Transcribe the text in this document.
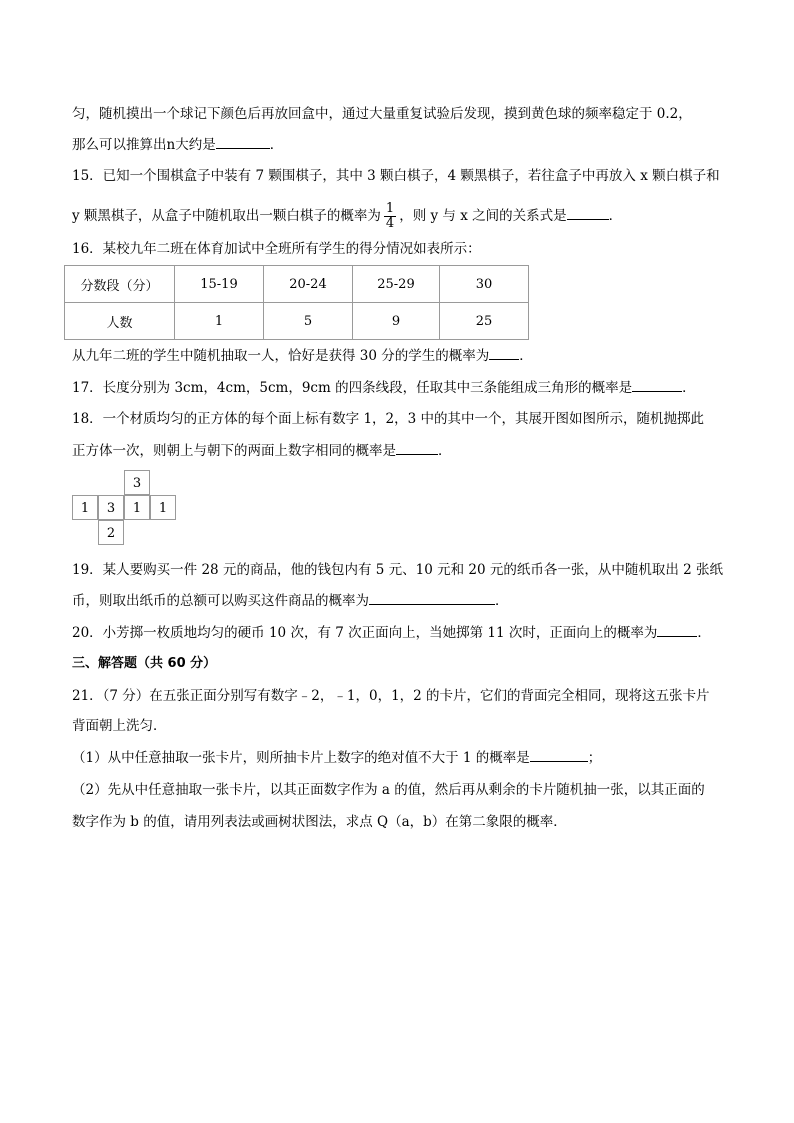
匀，随机摸出一个球记下颜色后再放回盒中，通过大量重复试验后发现，摸到黄色球的频率稳定于 0.2，
那么可以推算出n大约是	．
15．已知一个围棋盒子中装有 7 颗围棋子，其中 3 颗白棋子，4 颗黑棋子，若往盒子中再放入 x 颗白棋子和
y 颗黑棋子，从盒子中随机取出一颗白棋子的概率为 $\frac{1}{4}$ ，则 y 与 x 之间的关系式是	．
16．某校九年二班在体育加试中全班所有学生的得分情况如表所示：
分数段（分）	15-19	20-24	25-29	30
人数	1	5	9	25
从九年二班的学生中随机抽取一人，恰好是获得 30 分的学生的概率为 ．
17．长度分别为 3cm，4cm，5cm，9cm 的四条线段，任取其中三条能组成三角形的概率是	．
18．一个材质均匀的正方体的每个面上标有数字 1，2，3 中的其中一个，其展开图如图所示，随机抛掷此
正方体一次，则朝上与朝下的两面上数字相同的概率是	．
3
1	3	1	1
2
19．某人要购买一件 28 元的商品，他的钱包内有 5 元、10 元和 20 元的纸币各一张，从中随机取出 2 张纸
币，则取出纸币的总额可以购买这件商品的概率为	．
20．小芳掷一枚质地均匀的硬币 10 次，有 7 次正面向上，当她掷第 11 次时，正面向上的概率为	．
三、解答题（共 60 分）
21．（7 分）在五张正面分别写有数字﹣2，﹣1，0，1，2 的卡片，它们的背面完全相同，现将这五张卡片
背面朝上洗匀．
（1）从中任意抽取一张卡片，则所抽卡片上数字的绝对值不大于 1 的概率是	；
（2）先从中任意抽取一张卡片，以其正面数字作为 a 的值，然后再从剩余的卡片随机抽一张，以其正面的
数字作为 b 的值，请用列表法或画树状图法，求点 Q（a，b）在第二象限的概率．
